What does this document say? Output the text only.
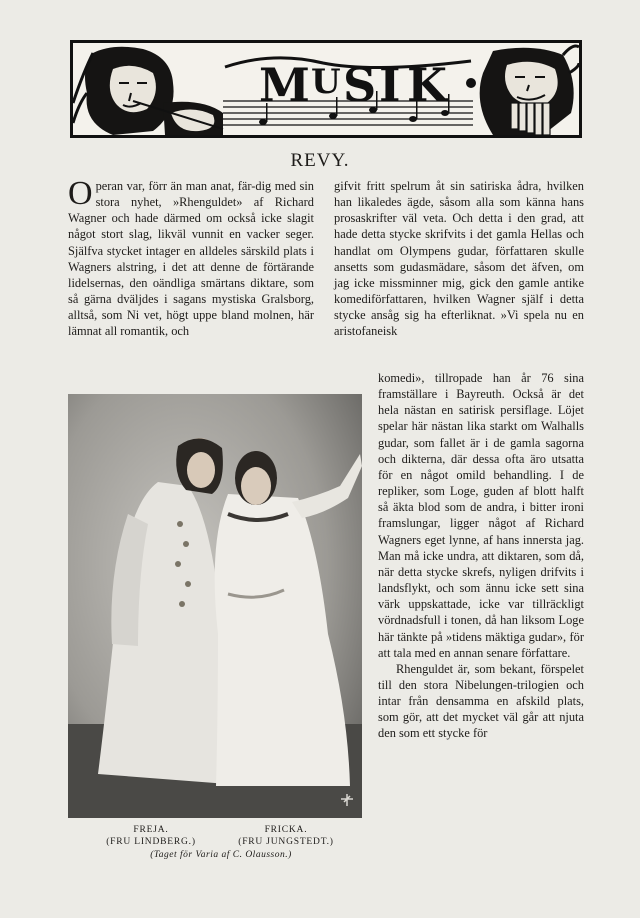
M U S I K
REVY.

Operan var, förr än man anat, fär-dig med sin stora nyhet, »Rhenguldet» af Richard Wagner och hade därmed om också icke slagit något stort slag, likväl vunnit en vacker seger. Själfva stycket intager en alldeles särskild plats i Wagners alstring, i det att denne de förtärande lidelsernas, den oändliga smärtans diktare, som så gärna dväljdes i sagans mystiska Gralsborg, alltså, som Ni vet, högt uppe bland molnen, här lämnat all romantik, och

gifvit fritt spelrum åt sin satiriska ådra, hvilken han likaledes ägde, såsom alla som känna hans prosaskrifter väl veta. Och detta i den grad, att hade detta stycke skrifvits i det gamla Hellas och handlat om Olympens gudar, författaren skulle ansetts som gudasmädare, såsom det äfven, om jag icke missminner mig, gick den gamle antike komediförfattaren, hvilken Wagner själf i detta stycke ansåg sig ha efterliknat. »Vi spela nu en aristofaneisk

komedi», tillropade han år 76 sina framställare i Bayreuth. Också är det hela nästan en satirisk persiflage. Löjet spelar här nästan lika starkt om Walhalls gudar, som fallet är i de gamla sagorna och dikterna, där dessa ofta äro utsatta för en något omild behandling. I de repliker, som Loge, guden af blott halft så äkta blod som de andra, i bitter ironi framslungar, ligger något af Richard Wagners eget lynne, af hans innersta jag. Man må icke undra, att diktaren, som då, när detta stycke skrefs, nyligen drifvits i landsflykt, och som ännu icke sett sina värk uppskattade, icke var tillräckligt vördnadsfull i tonen, då han liksom Loge här tänkte på »tidens mäktiga gudar», för att tala med en annan senare författare.

Rhenguldet är, som bekant, förspelet till den stora Nibelungen-trilogien och intar från densamma en afskild plats, som gör, att det mycket väl går att njuta den som ett stycke för

FREJA.
(FRU LINDBERG.)
FRICKA.
(FRU JUNGSTEDT.)
(Taget för Varia af C. Olausson.)
